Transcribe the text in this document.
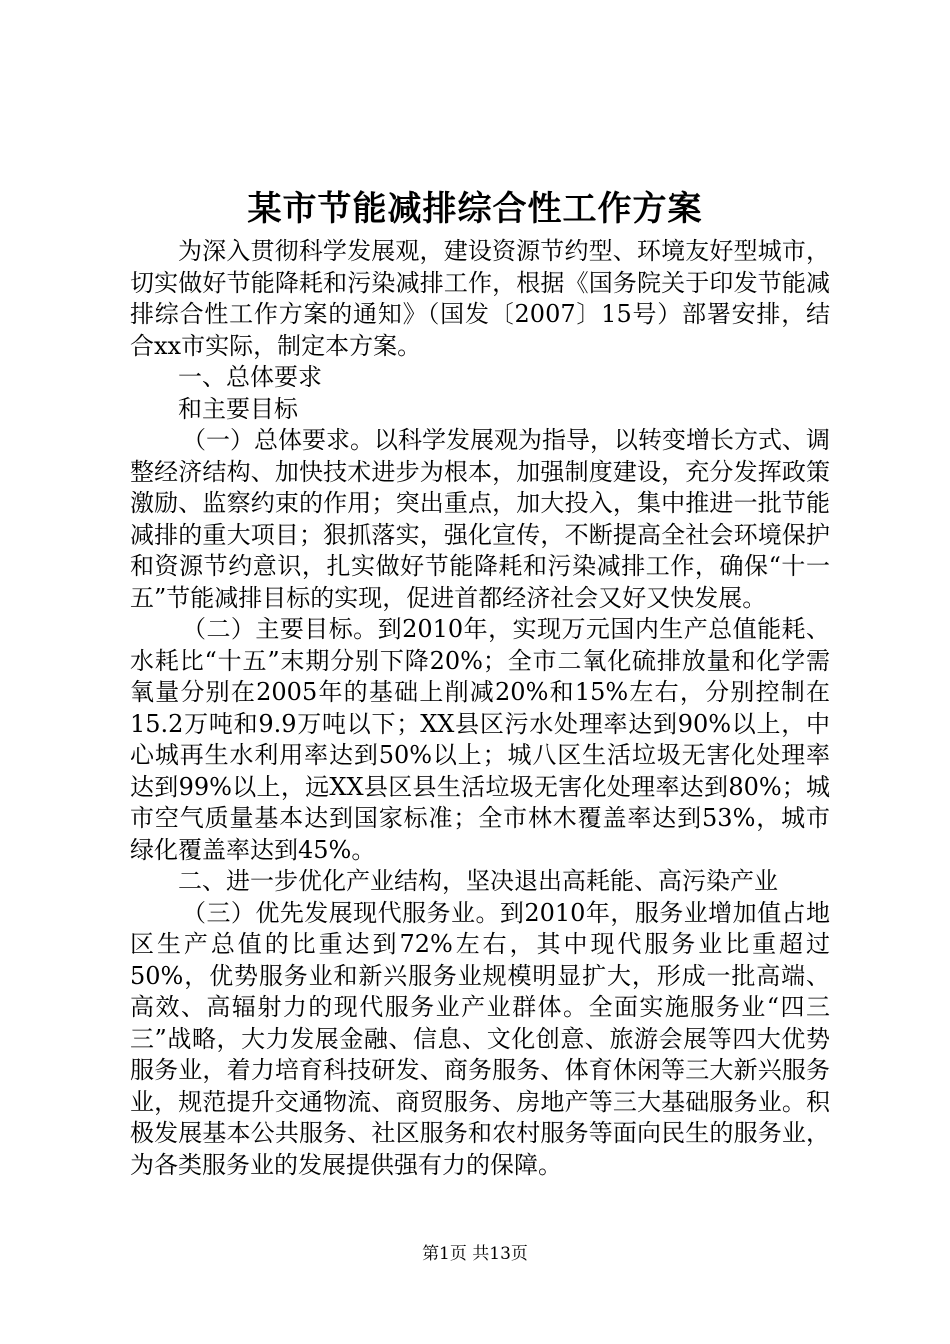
某市节能减排综合性工作方案

为深入贯彻科学发展观，建设资源节约型、环境友好型城市，切实做好节能降耗和污染减排工作，根据《国务院关于印发节能减排综合性工作方案的通知》（国发〔2007〕15号）部署安排，结合xx市实际，制定本方案。

一、总体要求

和主要目标

（一）总体要求。以科学发展观为指导，以转变增长方式、调整经济结构、加快技术进步为根本，加强制度建设，充分发挥政策激励、监察约束的作用；突出重点，加大投入，集中推进一批节能减排的重大项目；狠抓落实，强化宣传，不断提高全社会环境保护和资源节约意识，扎实做好节能降耗和污染减排工作，确保“十一五”节能减排目标的实现，促进首都经济社会又好又快发展。

（二）主要目标。到2010年，实现万元国内生产总值能耗、水耗比“十五”末期分别下降20%；全市二氧化硫排放量和化学需氧量分别在2005年的基础上削减20%和15%左右，分别控制在15.2万吨和9.9万吨以下；XX县区污水处理率达到90%以上，中心城再生水利用率达到50%以上；城八区生活垃圾无害化处理率达到99%以上，远XX县区县生活垃圾无害化处理率达到80%；城市空气质量基本达到国家标准；全市林木覆盖率达到53%，城市绿化覆盖率达到45%。

二、进一步优化产业结构，坚决退出高耗能、高污染产业

（三）优先发展现代服务业。到2010年，服务业增加值占地区生产总值的比重达到72%左右，其中现代服务业比重超过50%，优势服务业和新兴服务业规模明显扩大，形成一批高端、高效、高辐射力的现代服务业产业群体。全面实施服务业“四三三”战略，大力发展金融、信息、文化创意、旅游会展等四大优势服务业，着力培育科技研发、商务服务、体育休闲等三大新兴服务业，规范提升交通物流、商贸服务、房地产等三大基础服务业。积极发展基本公共服务、社区服务和农村服务等面向民生的服务业，为各类服务业的发展提供强有力的保障。

第1页 共13页
